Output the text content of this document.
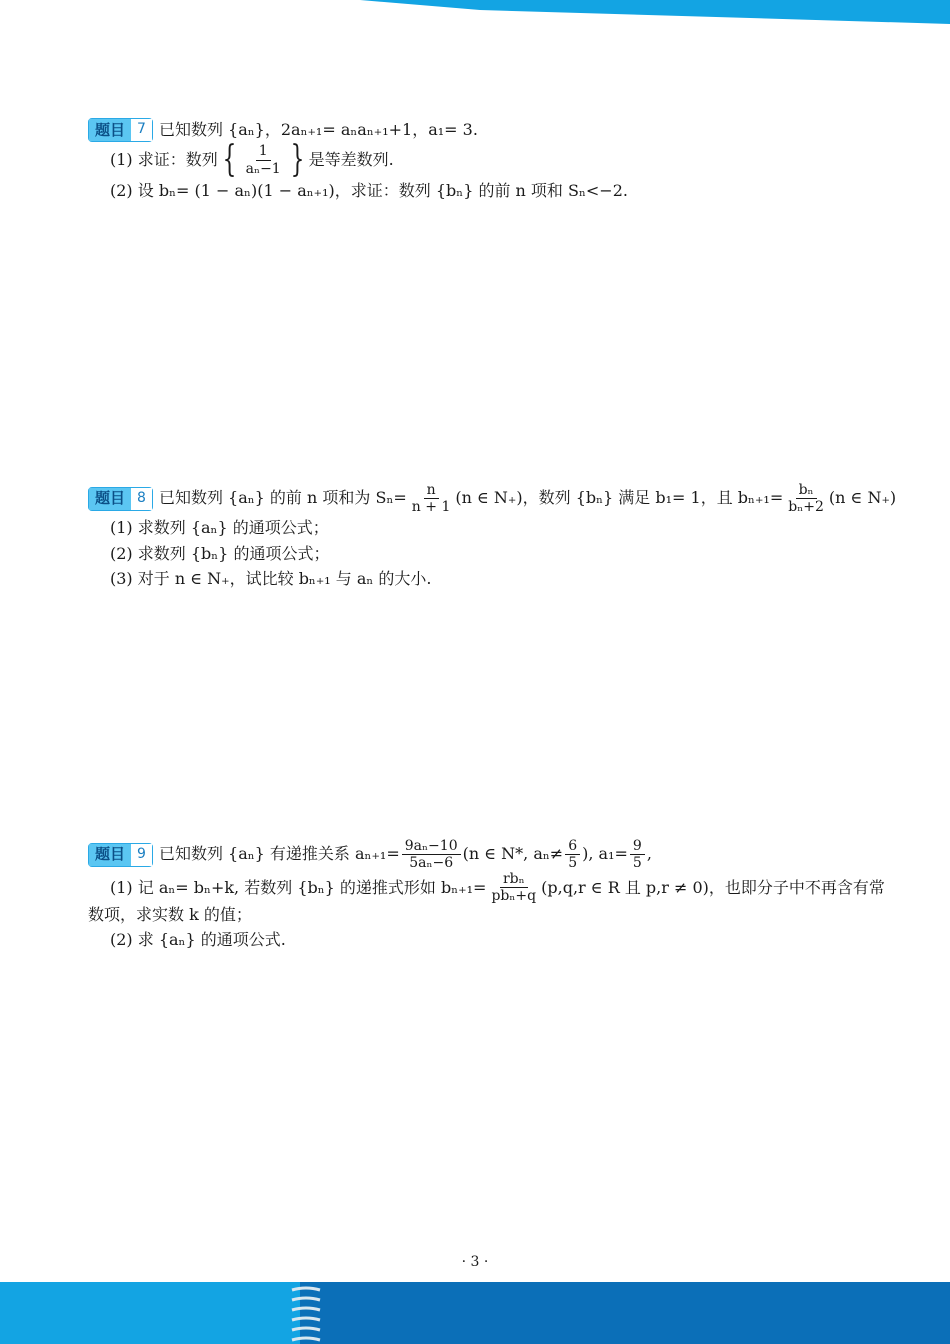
题目 7 已知数列 {aₙ}，2aₙ₊₁= aₙaₙ₊₁+1，a₁= 3.
(1) 求证：数列 { $\frac{1}{\text{aₙ−1}}$ } 是等差数列.
(2) 设 bₙ= (1 − aₙ)(1 − aₙ₊₁)，求证：数列 {bₙ} 的前 n 项和 Sₙ<−2.
题目 8 已知数列 {aₙ} 的前 n 项和为 $S_n= \frac{n}{n + 1} (n$ ∈ N₊)，数列 {bₙ} 满足 b₁= 1，且 $b_{n+1}= \frac{\text{bₙ}}{\text{bₙ+2}} (n$ ∈ N₊)
(1) 求数列 {aₙ} 的通项公式；
(2) 求数列 {bₙ} 的通项公式；
(3) 对于 n ∈ N₊，试比较 bₙ₊₁ 与 aₙ 的大小.
题目 9 已知数列 {aₙ} 有递推关系 $a_{n+1}= \frac{\text{9aₙ−10}}{\text{5aₙ−6}} (n$ ∈ N*, $a_n\ne \frac{6}{5}$ ), $a_1= \frac{9}{5}$ ,
(1) 记 aₙ= bₙ+k, 若数列 {bₙ} 的递推式形如 $b_{n+1}= \frac{\text{rbₙ}}{\text{pbₙ+q}} (p,q,r$ ∈ R 且 p,r ≠ 0)，也即分子中不再含有常
数项，求实数 k 的值；
(2) 求 {aₙ} 的通项公式.
· 3 ·
